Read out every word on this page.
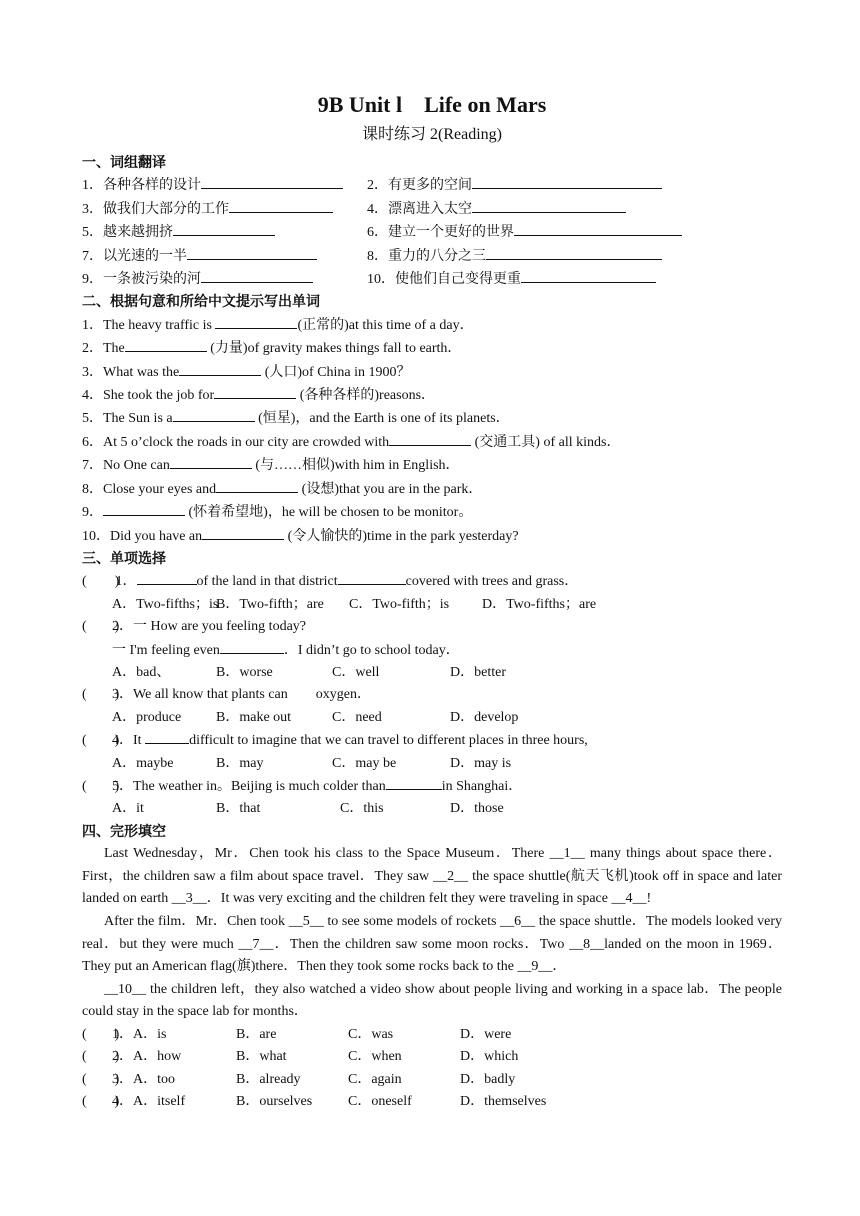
9B Unit l　Life on Mars
课时练习 2(Reading)
一、词组翻译
1．各种各样的设计	2．有更多的空间
3．做我们大部分的工作	4．漂离进入太空
5．越来越拥挤	6．建立一个更好的世界
7．以光速的一半	8．重力的八分之三
9．一条被污染的河	10．使他们自己变得更重
二、根据句意和所给中文提示写出单词
1．The heavy traffic is	(正常的)at this time of a day．
2．The	(力量)of gravity makes things fall to earth．
3．What was the	(人口)of China in 1900？
4．She took the job for	(各种各样的)reasons．
5．The Sun is a	(恒星)，and the Earth is one of its planets．
6．At 5 o’clock the roads in our city are crowded with	(交通工具) of all kinds．
7．No One can	(与……相似)with him in English．
8．Close your eyes and	(设想)that you are in the park．
9．	(怀着希望地)，he will be chosen to be monitor。
10．Did you have an	(令人愉快的)time in the park yesterday?
三、单项选择
(　　) 1．	of the land in that district	covered with trees and grass．
A．Two-fifths；is
B．Two-fifth；are	C．Two-fifth；is	D．Two-fifths；are
(　　)2．一 How are you feeling today?
一 I'm feeling even	．I didn’t go to school today．
A．bad、	B．worse	C．well	D．better
(　　)3．We all know that plants can　　oxygen．
A．produce	B．make out	C．need	D．develop
(　　)4．It	difficult to imagine that we can travel to different places in three hours,
A．maybe	B．may	C．may be	D．may is
(　　)5．The weather in。Beijing is much colder than	in Shanghai．
A．it	B．that	C．this	D．those
四、完形填空
Last Wednesday，Mr．Chen took his class to the Space Museum．There __1__ many things about space there．First，the children saw a film about space travel．They saw __2__ the space shuttle(航天飞机)took off in space and later landed on earth __3__．It was very exciting and the children felt they were traveling in space __4__!
After the film．Mr．Chen took __5__ to see some models of rockets __6__ the space shuttle．The models looked very real．but they were much __7__．Then the children saw some moon rocks．Two __8__landed on the moon in 1969．They put an American flag(旗)there．Then they took some rocks back to the __9__．
__10__ the children left，they also watched a video show about people living and working in a space lab．The people could stay in the space lab for months．
(　　)
1．A．is	B．are	C．was	D．were
(　　)
2．A．how	B．what	C．when	D．which
(　　)
3．A．too	B．already	C．again	D．badly
(　　)
4．A．itself	B．ourselves	C．oneself	D．themselves
